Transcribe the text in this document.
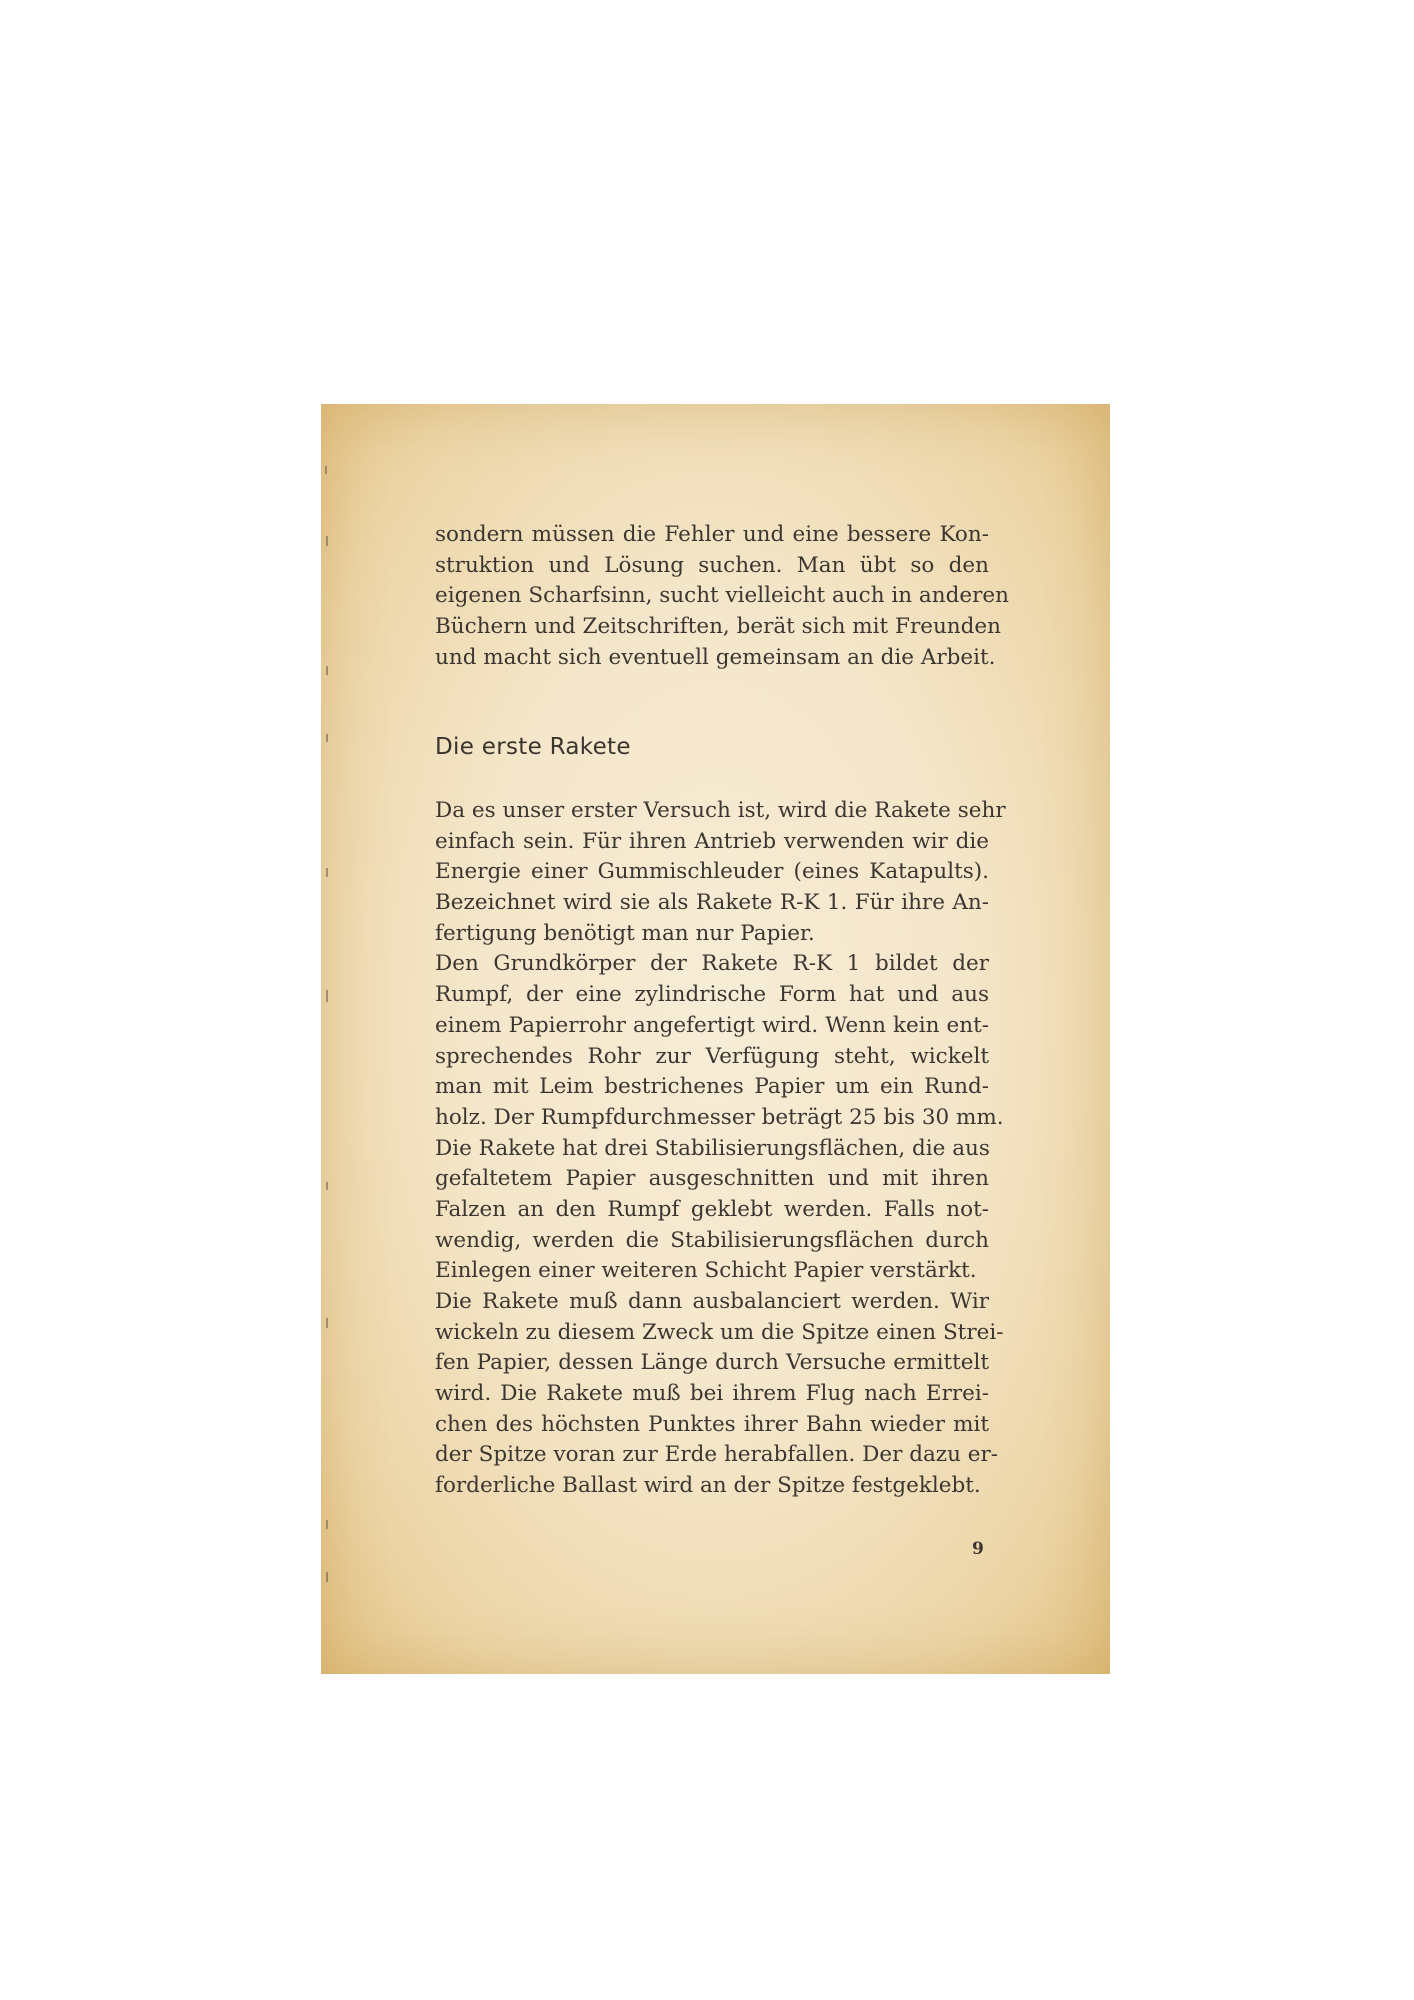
sondern müssen die Fehler und eine bessere Kon-
struktion und Lösung suchen. Man übt so den
eigenen Scharfsinn, sucht vielleicht auch in anderen
Büchern und Zeitschriften, berät sich mit Freunden
und macht sich eventuell gemeinsam an die Arbeit.
Die erste Rakete
Da es unser erster Versuch ist, wird die Rakete sehr
einfach sein. Für ihren Antrieb verwenden wir die
Energie einer Gummischleuder (eines Katapults).
Bezeichnet wird sie als Rakete R-K 1. Für ihre An-
fertigung benötigt man nur Papier.
Den Grundkörper der Rakete R-K 1 bildet der
Rumpf, der eine zylindrische Form hat und aus
einem Papierrohr angefertigt wird. Wenn kein ent-
sprechendes Rohr zur Verfügung steht, wickelt
man mit Leim bestrichenes Papier um ein Rund-
holz. Der Rumpfdurchmesser beträgt 25 bis 30 mm.
Die Rakete hat drei Stabilisierungsflächen, die aus
gefaltetem Papier ausgeschnitten und mit ihren
Falzen an den Rumpf geklebt werden. Falls not-
wendig, werden die Stabilisierungsflächen durch
Einlegen einer weiteren Schicht Papier verstärkt.
Die Rakete muß dann ausbalanciert werden. Wir
wickeln zu diesem Zweck um die Spitze einen Strei-
fen Papier, dessen Länge durch Versuche ermittelt
wird. Die Rakete muß bei ihrem Flug nach Errei-
chen des höchsten Punktes ihrer Bahn wieder mit
der Spitze voran zur Erde herabfallen. Der dazu er-
forderliche Ballast wird an der Spitze festgeklebt.
9
